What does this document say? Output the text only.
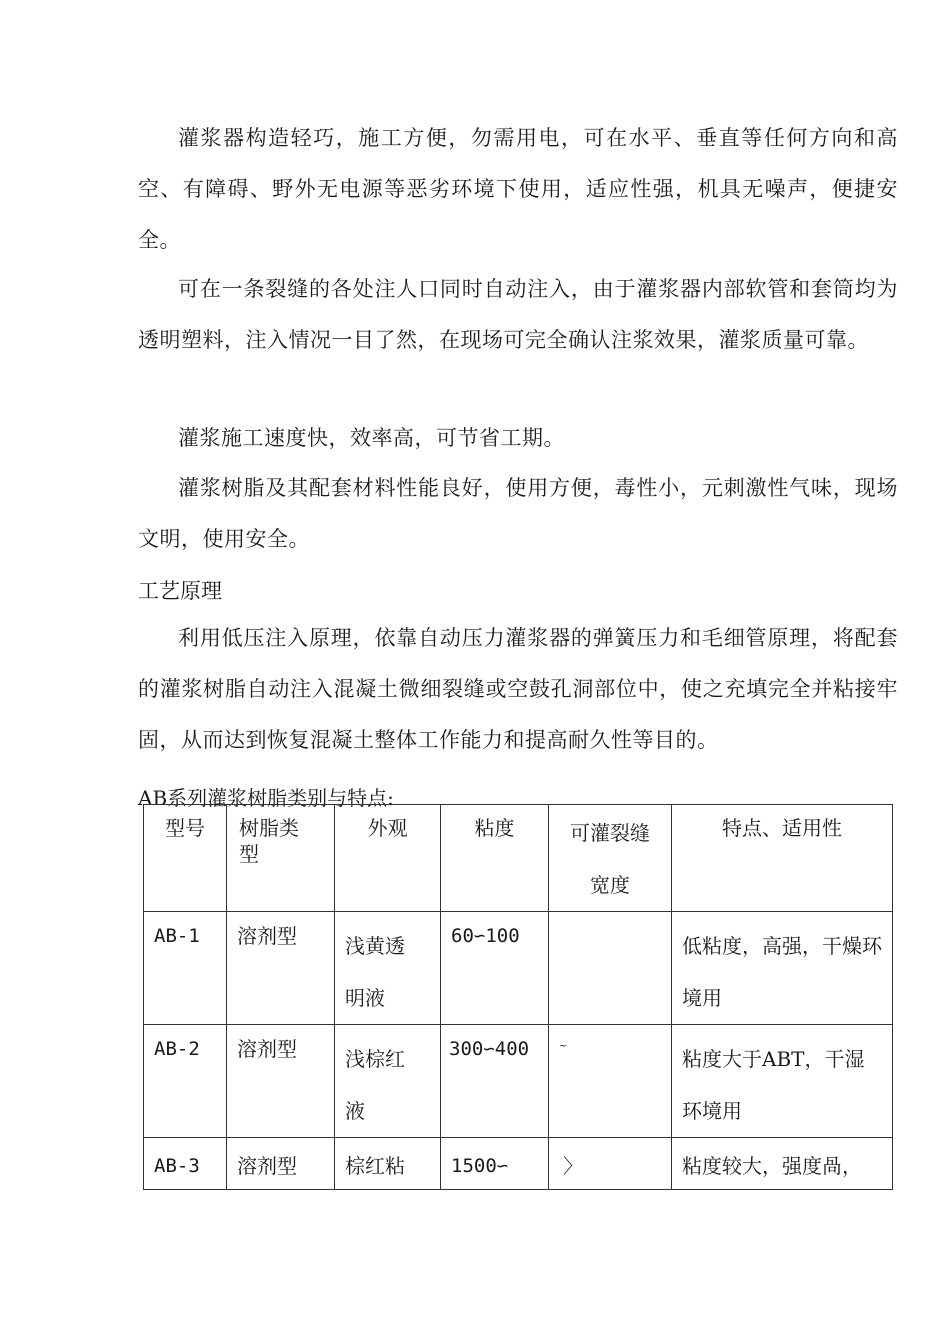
灌浆器构造轻巧，施工方便，勿需用电，可在水平、垂直等任何方向和高空、有障碍、野外无电源等恶劣环境下使用，适应性强，机具无噪声，便捷安全。

可在一条裂缝的各处注人口同时自动注入，由于灌浆器内部软管和套筒均为透明塑料，注入情况一目了然，在现场可完全确认注浆效果，灌浆质量可靠。

灌浆施工速度快，效率高，可节省工期。

灌浆树脂及其配套材料性能良好，使用方便，毒性小，元刺激性气味，现场文明，使用安全。

工艺原理

利用低压注入原理，依靠自动压力灌浆器的弹簧压力和毛细管原理，将配套的灌浆树脂自动注入混凝土微细裂缝或空鼓孔洞部位中，使之充填完全并粘接牢固，从而达到恢复混凝土整体工作能力和提高耐久性等目的。

AB系列灌浆树脂类别与特点:

型号	树脂类型	外观	粘度	可灌裂缝宽度	特点、适用性

AB-1	溶剂型	浅黄透明液	60∽100		低粘度，高强，干燥环境用

AB-2	溶剂型	浅棕红液	300∽400	~	粘度大于ABT，干湿环境用

AB-3	溶剂型	棕红粘	1500∽	〉	粘度较大，强度咼，
